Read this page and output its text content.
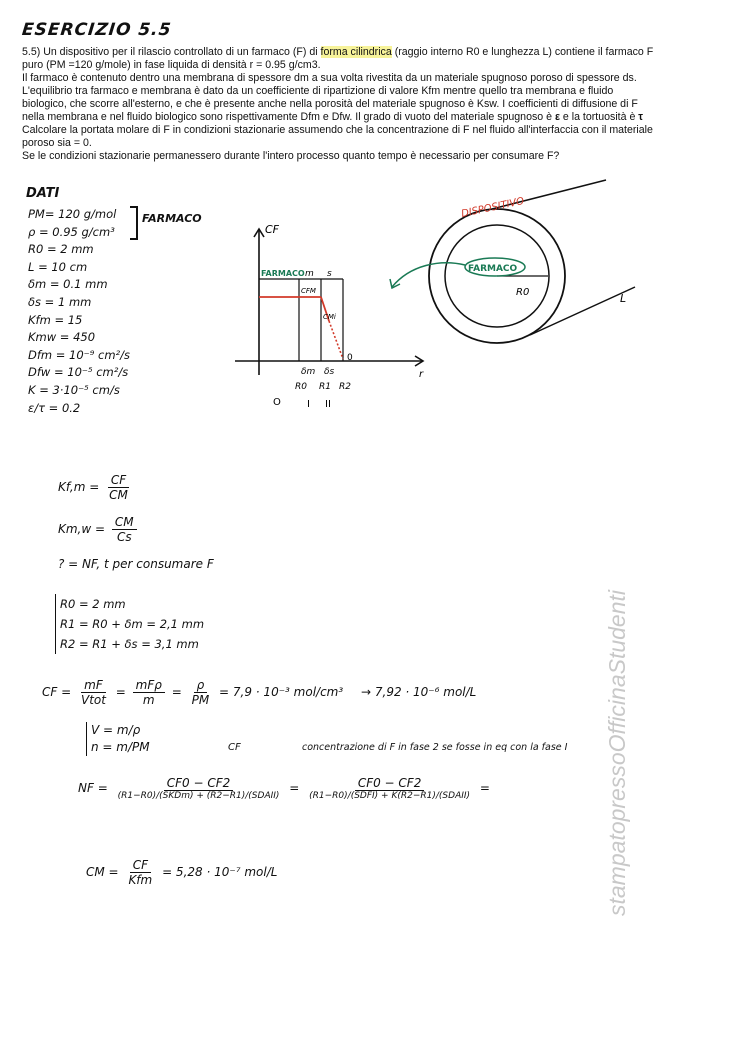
ESERCIZIO 5.5

5.5) Un dispositivo per il rilascio controllato di un farmaco (F) di forma cilindrica (raggio interno R0 e lunghezza L) contiene il farmaco F

puro (PM =120 g/mole) in fase liquida di densità r = 0.95 g/cm3.

Il farmaco è contenuto dentro una membrana di spessore dm a sua volta rivestita da un materiale spugnoso poroso di spessore ds.

L'equilibrio tra farmaco e membrana è dato da un coefficiente di ripartizione di valore Kfm mentre quello tra membrana e fluido

biologico, che scorre all'esterno, e che è presente anche nella porosità del materiale spugnoso è Ksw. I coefficienti di diffusione di F

nella membrana e nel fluido biologico sono rispettivamente Dfm e Dfw. Il grado di vuoto del materiale spugnoso è ε e la tortuosità è τ

Calcolare la portata molare di F in condizioni stazionarie assumendo che la concentrazione di F nel fluido all'interfaccia con il materiale

poroso sia = 0.

Se le condizioni stazionarie permanessero durante l'intero processo quanto tempo è necessario per consumare F?

DATI
PM= 120 g/mol
ρ = 0.95 g/cm³
R0 = 2 mm
L = 10 cm
δm = 0.1 mm
δs = 1 mm
Kfm = 15
Kmw = 450
Dfm = 10⁻⁹ cm²/s
Dfw = 10⁻⁵ cm²/s
K = 3·10⁻⁵ cm/s
ε/τ = 0.2
FARMACO
CF
r
FARMACO m s
CFM
CMi
0
δm δs
R0 R1 R2
O	I II
DISPOSITIVO
FARMACO
R0	L
$Kf,m = \frac{CF}{CM}$
$Km,w = \frac{CM}{Cs}$
? = NF, t per consumare F
R0 = 2 mm
R1 = R0 + δm = 2,1 mm
R2 = R1 + δs = 3,1 mm
CF = $\frac{mF}{\text{Vtot}} = \frac{\text{mFρ}}{m} = \frac{\rho}{PM} = 7,9 \cdot 10^{-3}$ mol/cm³ → 7,92 · 10⁻⁶ mol/L
V = m/ρ
n = m/PM	CF	concentrazione di F in fase 2 se fosse in eq con la fase I
NF = $\frac{CF0 - CF2}{\text{(R1−R0)/(SKDm) + (R2−R1)/(SDAII)}} = \frac{CF0 - CF2}{\text{(R1−R0)/(SDFI) + K(R2−R1)/(SDAII)}}$ =
CM = $\frac{CF}{\text{Kfm}} = 5,28 \cdot 10^{-7}$ mol/L	stampatopressoOfficinaStudenti
